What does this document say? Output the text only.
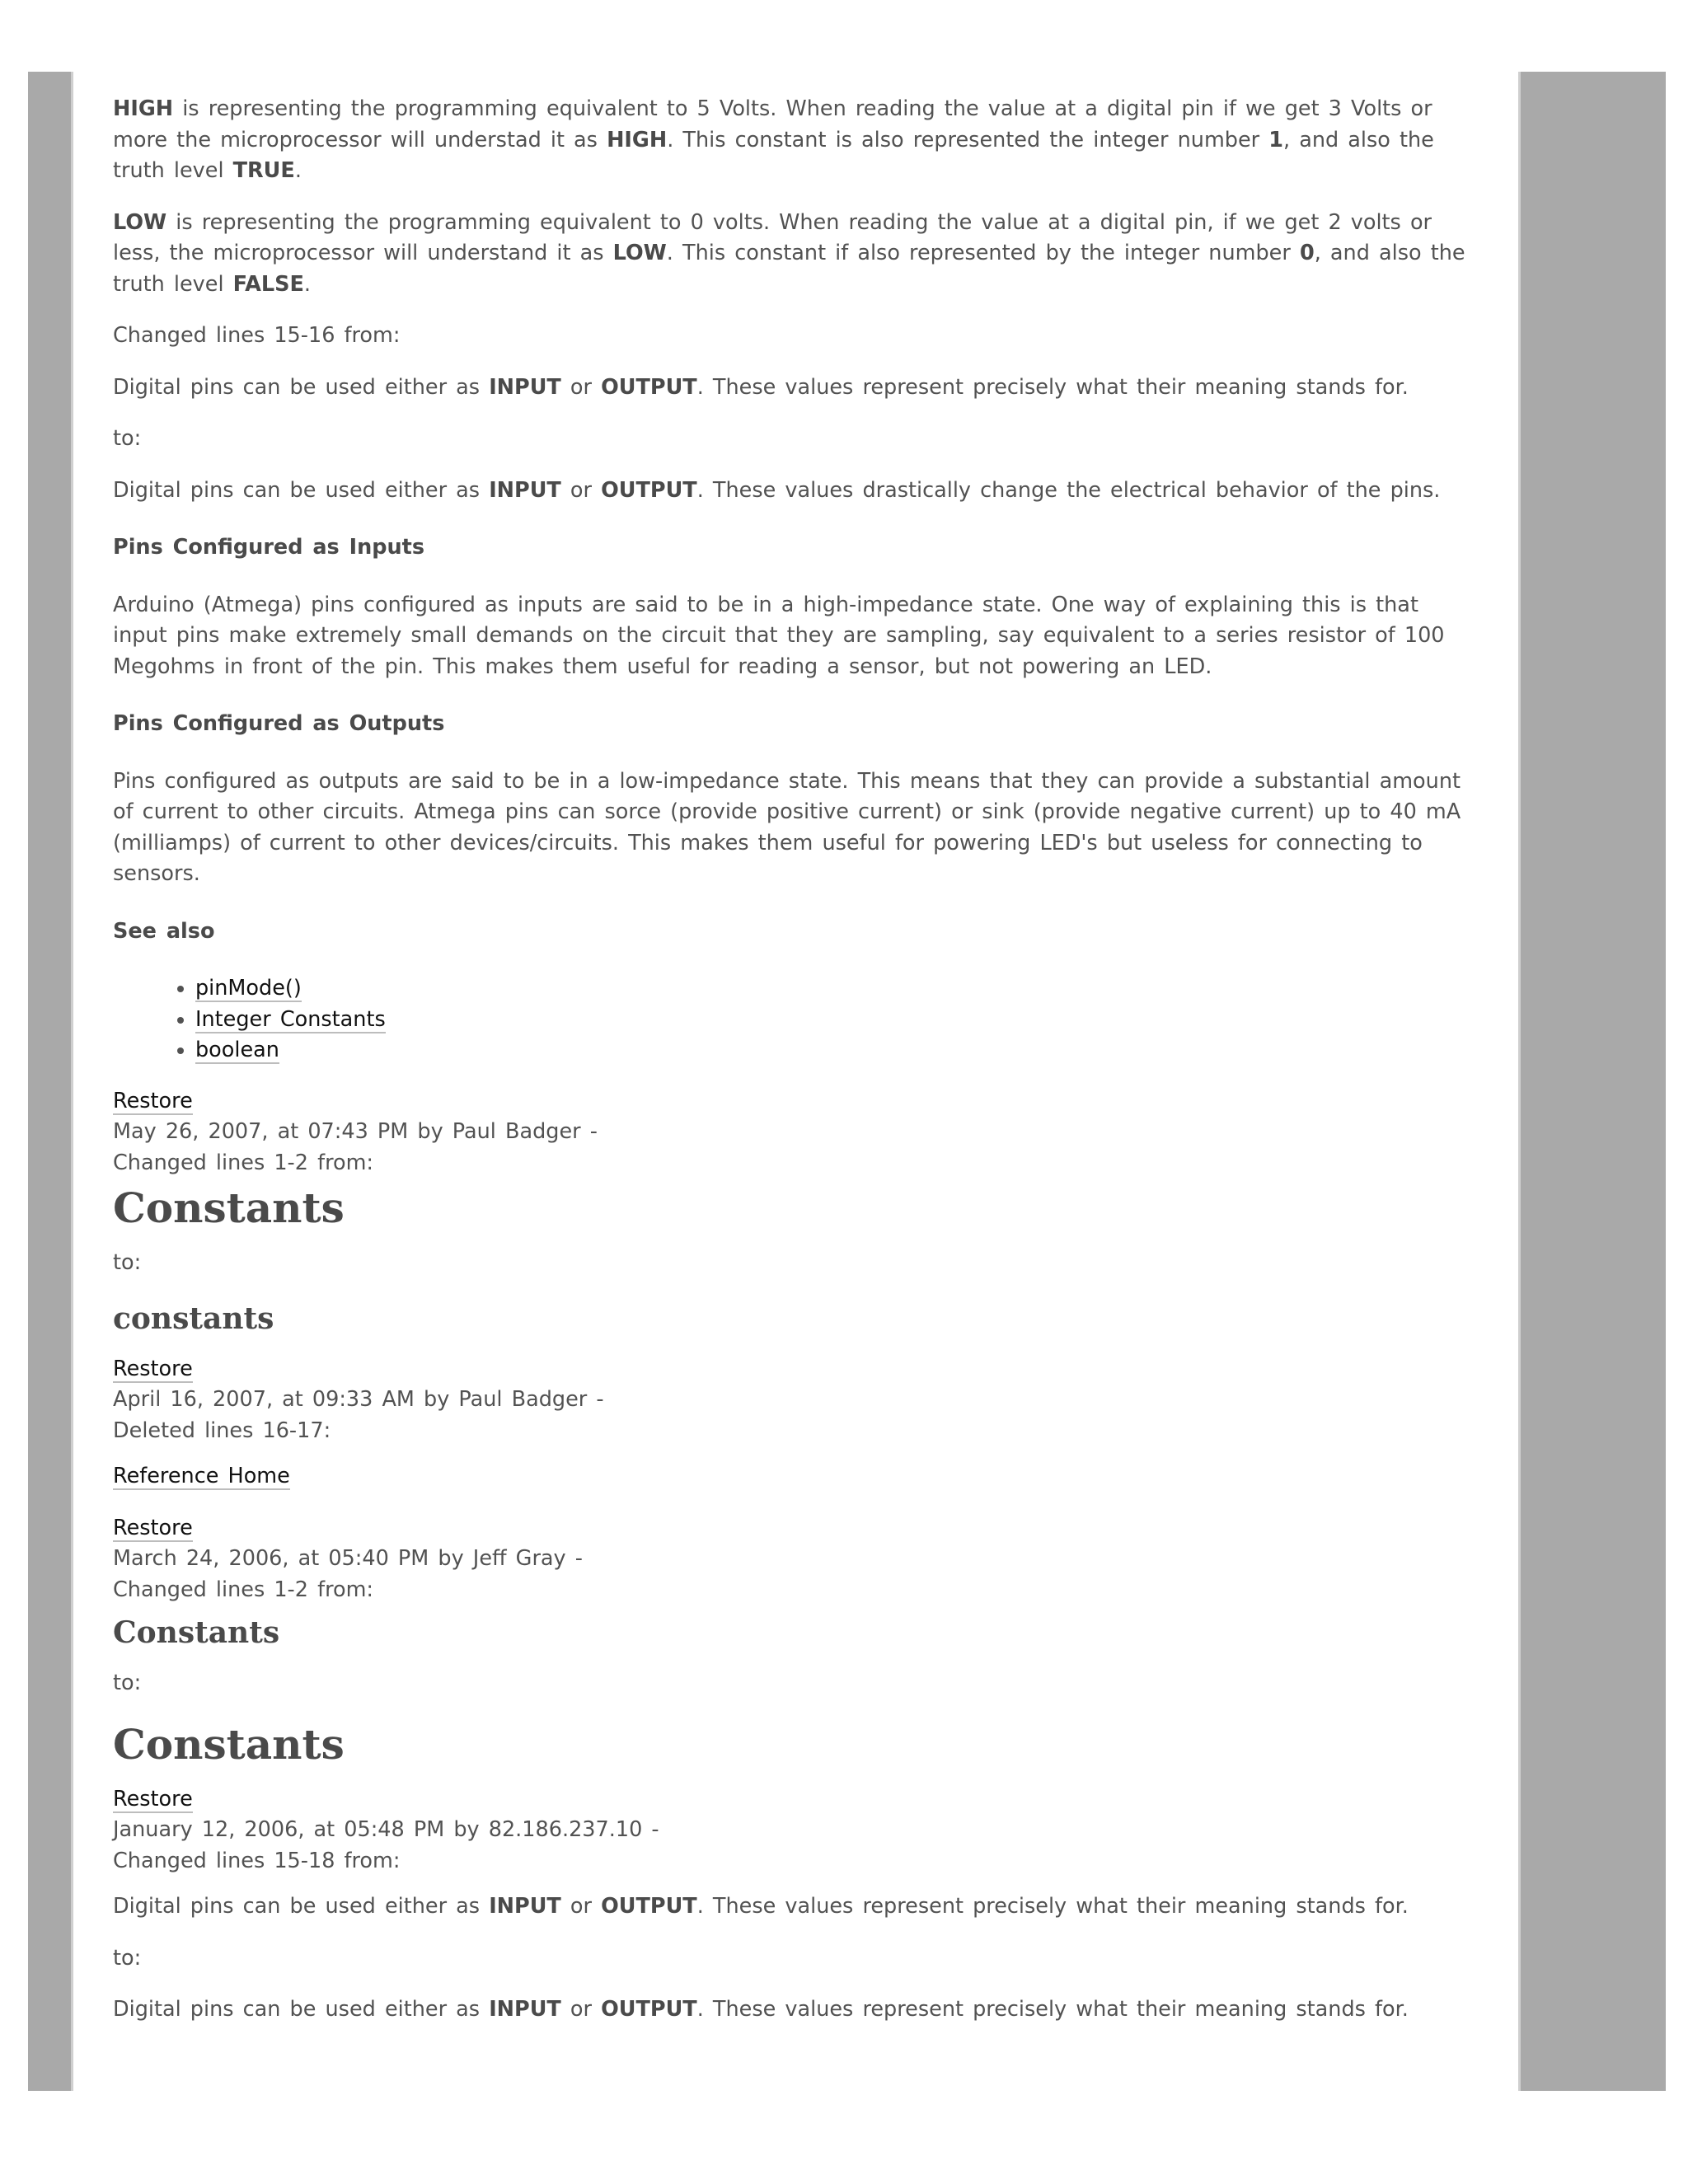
HIGH is representing the programming equivalent to 5 Volts. When reading the value at a digital pin if we get 3 Volts or more the microprocessor will understad it as HIGH. This constant is also represented the integer number 1, and also the truth level TRUE.

LOW is representing the programming equivalent to 0 volts. When reading the value at a digital pin, if we get 2 volts or less, the microprocessor will understand it as LOW. This constant if also represented by the integer number 0, and also the truth level FALSE.

Changed lines 15-16 from:

Digital pins can be used either as INPUT or OUTPUT. These values represent precisely what their meaning stands for.

to:

Digital pins can be used either as INPUT or OUTPUT. These values drastically change the electrical behavior of the pins.

Pins Configured as Inputs

Arduino (Atmega) pins configured as inputs are said to be in a high-impedance state. One way of explaining this is that input pins make extremely small demands on the circuit that they are sampling, say equivalent to a series resistor of 100 Megohms in front of the pin. This makes them useful for reading a sensor, but not powering an LED.

Pins Configured as Outputs

Pins configured as outputs are said to be in a low-impedance state. This means that they can provide a substantial amount of current to other circuits. Atmega pins can sorce (provide positive current) or sink (provide negative current) up to 40 mA (milliamps) of current to other devices/circuits. This makes them useful for powering LED's but useless for connecting to sensors.

See also
• pinMode()
• Integer Constants
• boolean
Restore
May 26, 2007, at 07:43 PM by Paul Badger -
Changed lines 1-2 from:
Constants

to:

constants
Restore
April 16, 2007, at 09:33 AM by Paul Badger -
Deleted lines 16-17:

Reference Home

Restore
March 24, 2006, at 05:40 PM by Jeff Gray -
Changed lines 1-2 from:
Constants

to:

Constants
Restore
January 12, 2006, at 05:48 PM by 82.186.237.10 -
Changed lines 15-18 from:

Digital pins can be used either as INPUT or OUTPUT. These values represent precisely what their meaning stands for.

to:

Digital pins can be used either as INPUT or OUTPUT. These values represent precisely what their meaning stands for.
